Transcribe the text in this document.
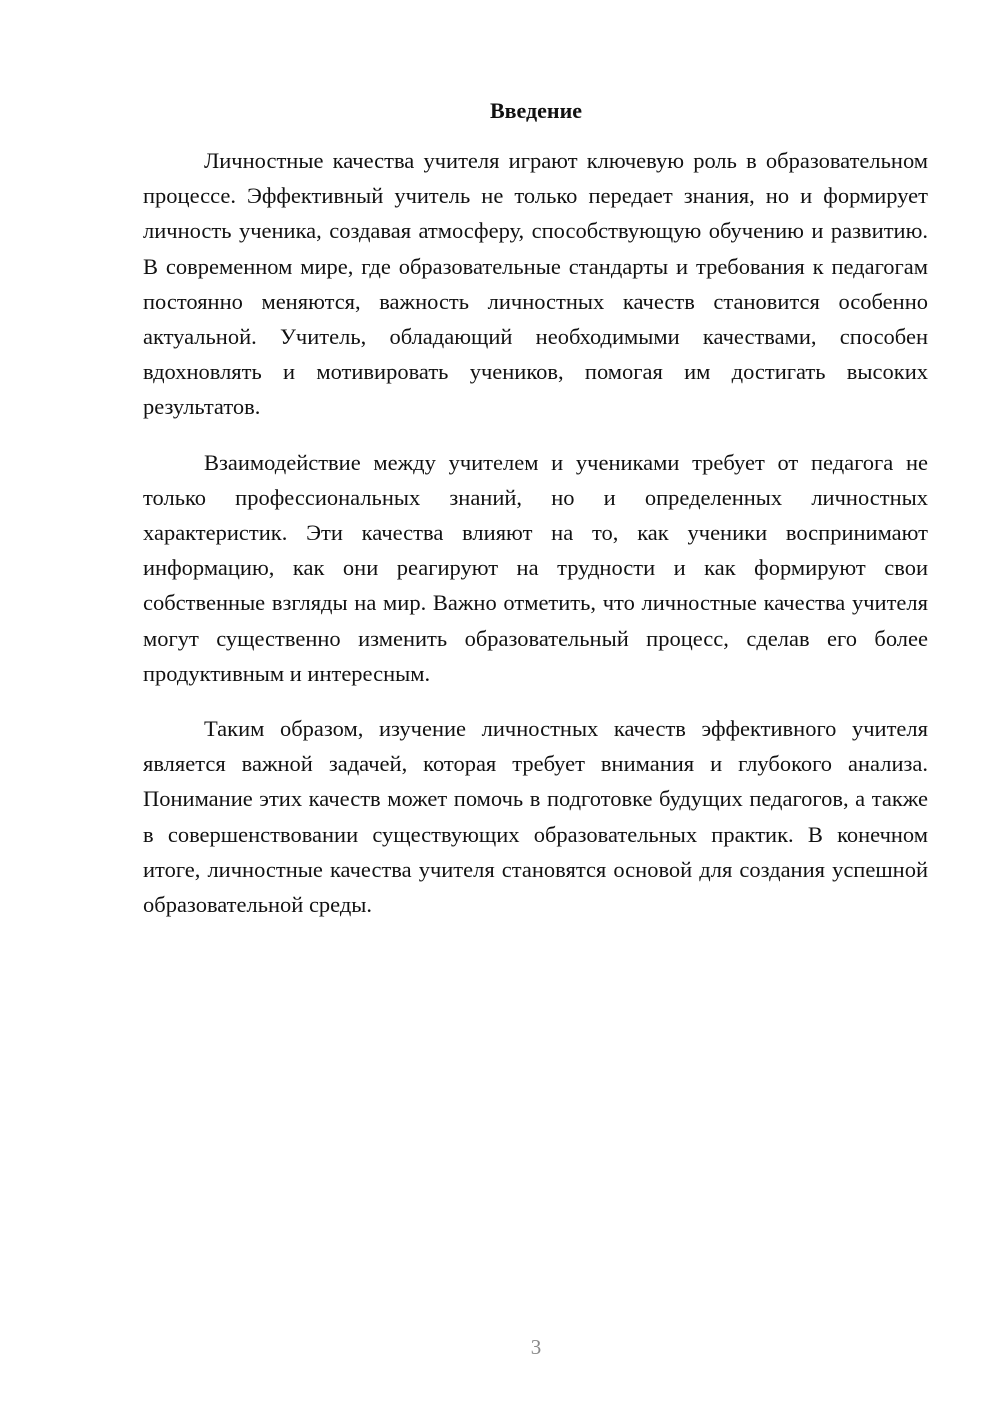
Введение

Личностные качества учителя играют ключевую роль в образовательном процессе. Эффективный учитель не только передает знания, но и формирует личность ученика, создавая атмосферу, способствующую обучению и развитию. В современном мире, где образовательные стандарты и требования к педагогам постоянно меняются, важность личностных качеств становится особенно актуальной. Учитель, обладающий необходимыми качествами, способен вдохновлять и мотивировать учеников, помогая им достигать высоких результатов.

Взаимодействие между учителем и учениками требует от педагога не только профессиональных знаний, но и определенных личностных характеристик. Эти качества влияют на то, как ученики воспринимают информацию, как они реагируют на трудности и как формируют свои собственные взгляды на мир. Важно отметить, что личностные качества учителя могут существенно изменить образовательный процесс, сделав его более продуктивным и интересным.

Таким образом, изучение личностных качеств эффективного учителя является важной задачей, которая требует внимания и глубокого анализа. Понимание этих качеств может помочь в подготовке будущих педагогов, а также в совершенствовании существующих образовательных практик. В конечном итоге, личностные качества учителя становятся основой для создания успешной образовательной среды.

3
